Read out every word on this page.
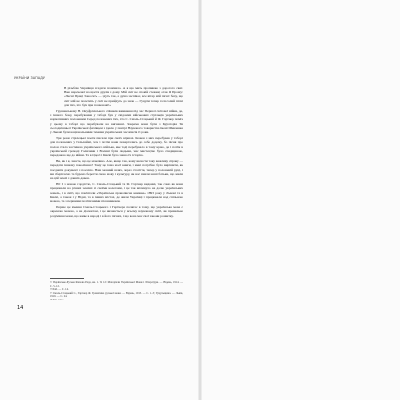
УКРАЇНИ ЗАПАДУ

В різьблю Чернівця згадати позичило. А я цю мить пропиваю з дорогого свят. Вже нареченої на щастя друзів з дому. Мій світ не спокій стежки; отак Я Прошу: «Чесні Праці Зоноси!» — ідуть так, а душа заспіває, все вітер мій пісні: бачу, що світ мій не полетить у світ не прийдуть до знов — Гуцули тепер голі-голий пісні для тих, хто був при позвонові!»

Грушевському Н. Онуфрієвського співаків вживання під час Першої світової війни, де, з іншого боку, перебування у таборі був у свідомих військових стрільців українських нормативних полоненим Серед полонених тих, хто С. Смаль-Стоцький й Ф. Гартнер поміч у цьому в таборі що перебували на вигнанні. Зокрема вони були з Кураторія Ти сьогоднішньої Української фахівцем з ідеєю у пантрі Наукового товариства імені Шевченка у Львові були національними темами українських часописів ті роки.

Три роки стрілецькі поети писали при своїх віршах. Кожен з них перебував у таборі для полонених у Гельхаймі, хоч і потім вони повертались до себе додому, бо пісня про полон стала частиною українського війська, яке тоді перебувало в тому краю, де і потім в українській громаді Галичини і Волині були людьми, чиє мистецтво було спадщиною, переданою ще до війни. Та в Одесі і Києві було знано їх історію.

Ви, як і я, знаєте, що це можливо. Але, якщо так, кому вкласти таку важливу справу — передати іншому поколінню? Тому це тема моєї книги, і мені потрібно було вирішити, як поєднати документ з поезією. Наш мовний шлях, через століття, тепер у полоненій руці, і ми зберігаємо та будемо берегти свою мову і культуру, як нас вчили наші батьки, що жили на цій землі з давніх-давен.

Ні! І з новою гордістю, С. Смаль-Стоцький та Ф. Гартнер виданні, так само як вони працювали на різних землях зі своїми колегами, і це так вплинуло на долю українських земель, і в світі, що пам'ятали «Українська правописна книжка» 1893 року у Львові та в Києві, а також і у Відні, та в інших містах, де жили Українці і працювали над спільною мовою, та з першими політичними пісенниками.

Перше це вчення Смаль-Стоцького і Гартнера полягає в тому, що українська мова є окремою мовою, а не діалектом, і це визнається у всьому науковому світі, як правильне розуміння мови, що живе в народі і в його піснях, і що вона має свої закони розвитку.

¹⁵ Українсько-Руська Фахова Рада, кн. 1. Ч. 12: Матеріали Української Мови і Літератури. — Відень, 1914. — С. 5–12.

¹⁶ Ibid. — С. 14.

¹⁷ Смаль-Стоцький С., Гартнер Ф. Граматика руської мови. — Відень, 1913. — С. 1–3; Гуцульщина. — Львів, 1916. — С. 24.

¹⁸ Там само.

14
